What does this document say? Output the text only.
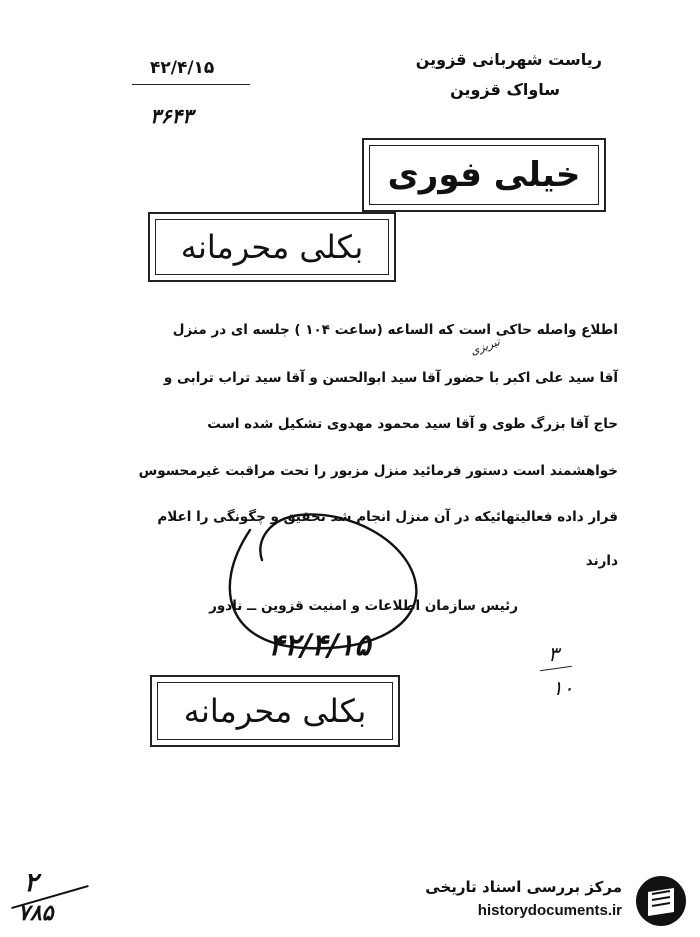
ریاست شهربانی قزوین
ساواک قزوین
۴۲/۴/۱۵
۳۶۴۳
خیلی فوری
بکلی محرمانه
تبریزی
اطلاع واصله حاکی است که الساعه (ساعت ۱۰۴ ) جلسه ای در منزل
آقا سید علی اکبر با حضور آقا سید ابوالحسن و آقا سید تراب ترابی و
حاج آقا بزرگ طوی و آقا سید محمود مهدوی تشکیل شده است
خواهشمند است دستور فرمائید منزل مزبور را تحت مراقبت غیرمحسوس
قرار داده فعالیتهائیکه در آن منزل انجام شد تحقیق و چگونگی را اعلام
دارند
رئیس سازمان اطلاعات و امنیت قزوین ــ نادور
۴۲/۴/۱۵	۳
۱۰
بکلی محرمانه
۲
۷۸۵
مرکز بررسی اسناد تاریخی
historydocuments.ir
